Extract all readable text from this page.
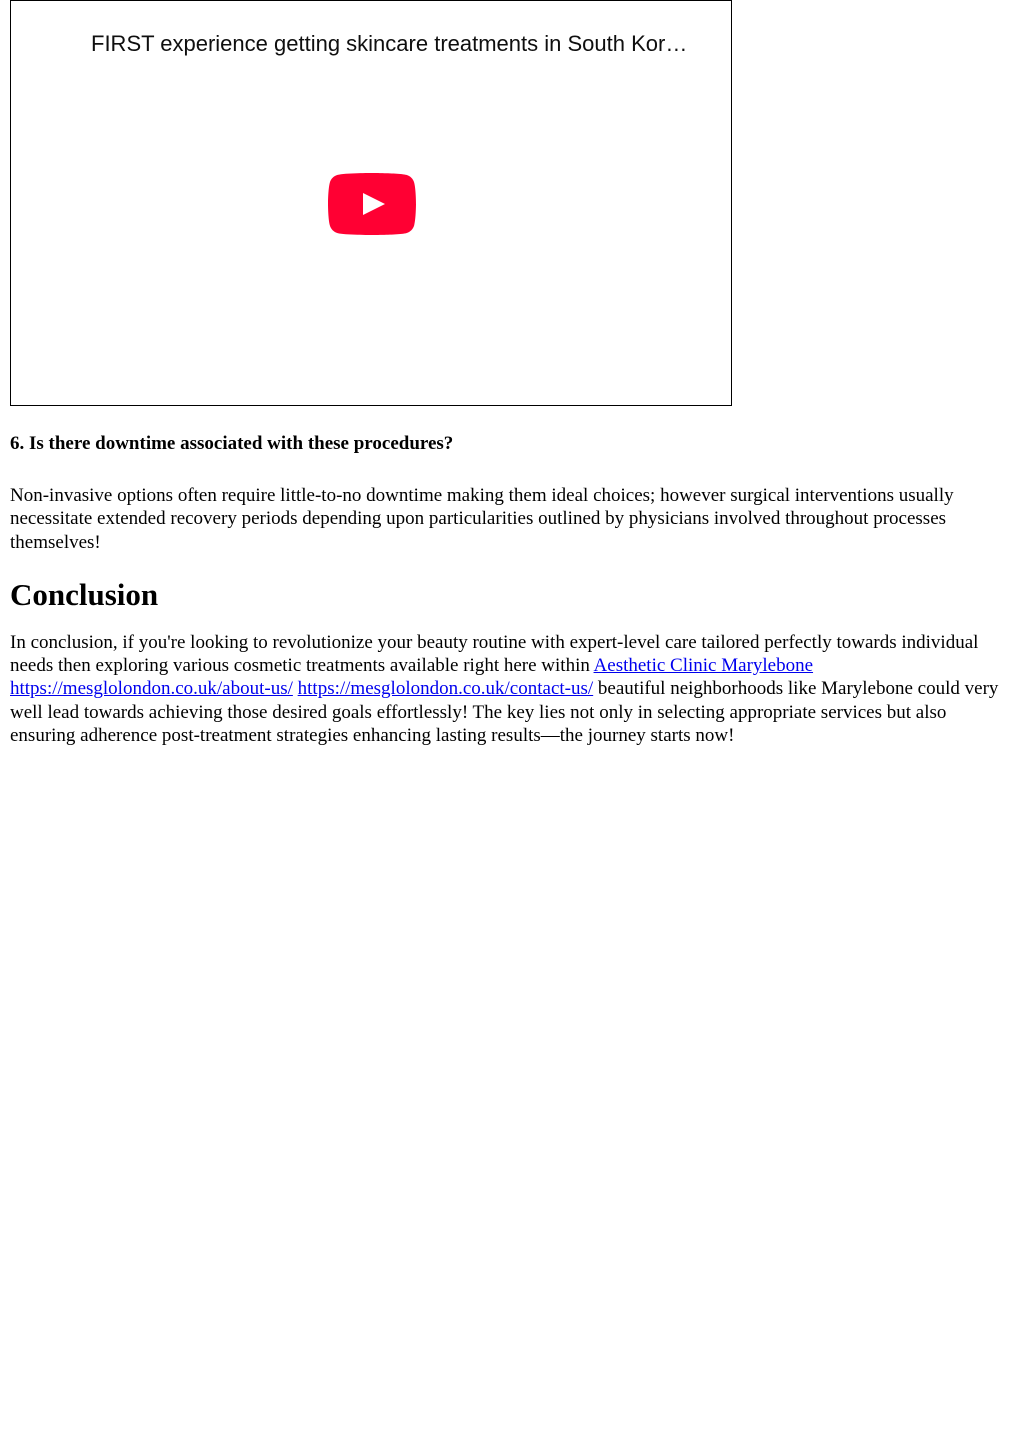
FIRST experience getting skincare treatments in South Kor…
6. Is there downtime associated with these procedures?

Non-invasive options often require little-to-no downtime making them ideal choices; however surgical interventions usually necessitate extended recovery periods depending upon particularities outlined by physicians involved throughout processes themselves!

Conclusion

In conclusion, if you're looking to revolutionize your beauty routine with expert-level care tailored perfectly towards individual needs then exploring various cosmetic treatments available right here within Aesthetic Clinic Marylebone https://mesglolondon.co.uk/about-us/ https://mesglolondon.co.uk/contact-us/ beautiful neighborhoods like Marylebone could very well lead towards achieving those desired goals effortlessly! The key lies not only in selecting appropriate services but also ensuring adherence post-treatment strategies enhancing lasting results—the journey starts now!
